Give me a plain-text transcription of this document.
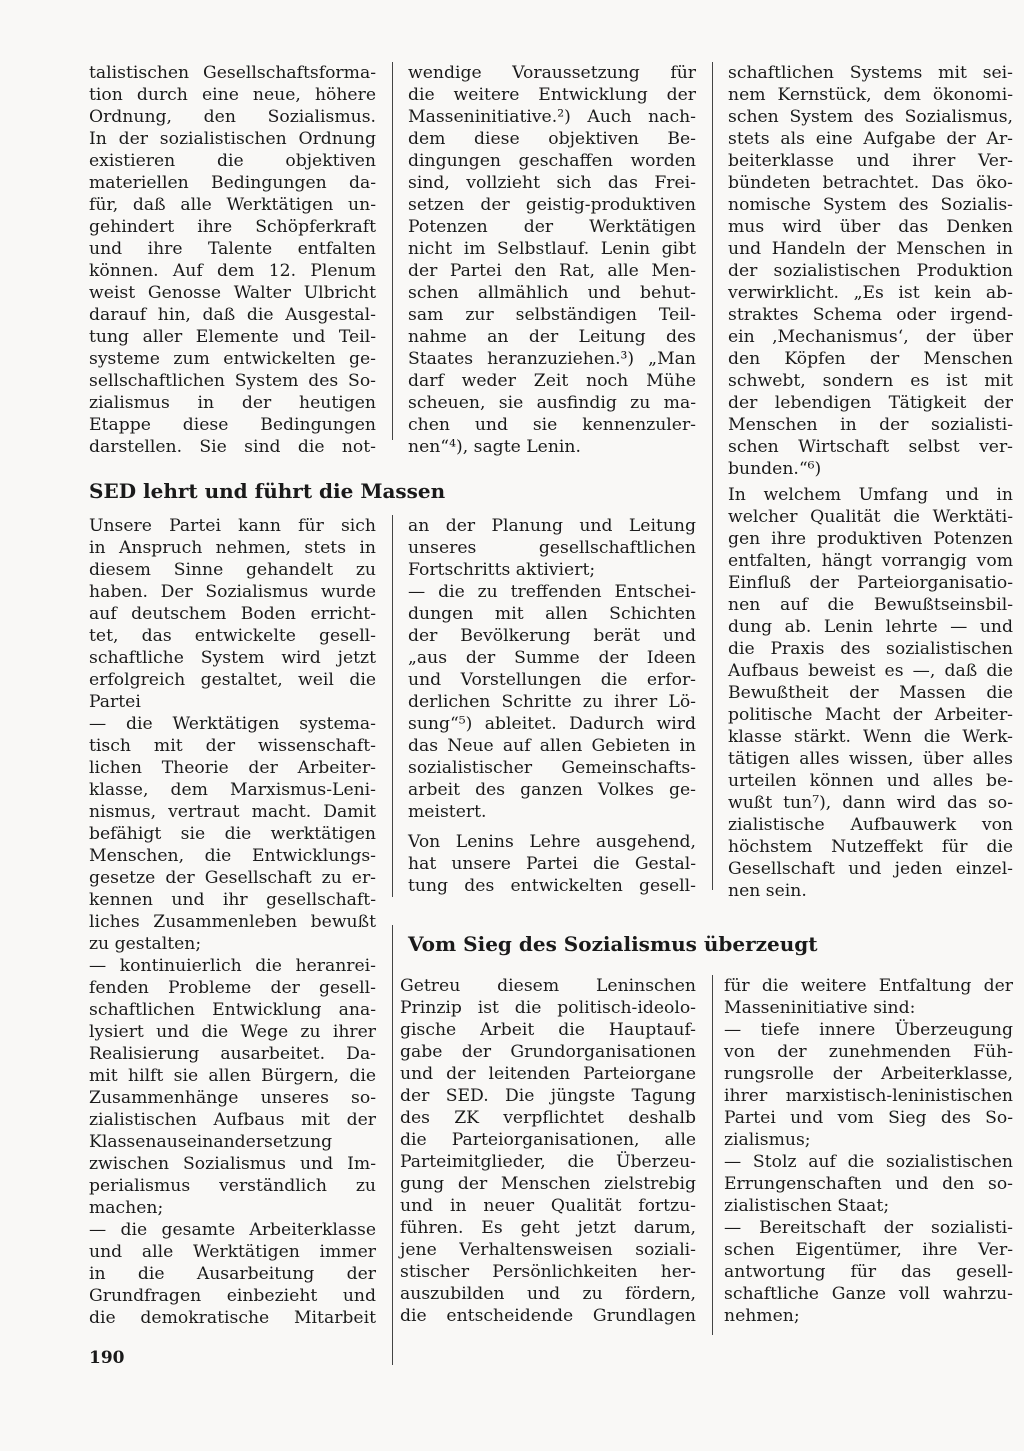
talistischen Gesellschaftsforma-
tion durch eine neue, höhere
Ordnung, den Sozialismus.
In der sozialistischen Ordnung
existieren die objektiven
materiellen Bedingungen da-
für, daß alle Werktätigen un-
gehindert ihre Schöpferkraft
und ihre Talente entfalten
können. Auf dem 12. Plenum
weist Genosse Walter Ulbricht
darauf hin, daß die Ausgestal-
tung aller Elemente und Teil-
systeme zum entwickelten ge-
sellschaftlichen System des So-
zialismus in der heutigen
Etappe diese Bedingungen
darstellen. Sie sind die not-
wendige Voraussetzung für
die weitere Entwicklung der
Masseninitiative.²) Auch nach-
dem diese objektiven Be-
dingungen geschaffen worden
sind, vollzieht sich das Frei-
setzen der geistig-produktiven
Potenzen der Werktätigen
nicht im Selbstlauf. Lenin gibt
der Partei den Rat, alle Men-
schen allmählich und behut-
sam zur selbständigen Teil-
nahme an der Leitung des
Staates heranzuziehen.³) „Man
darf weder Zeit noch Mühe
scheuen, sie ausfindig zu ma-
chen und sie kennenzuler-
nen“⁴), sagte Lenin.
schaftlichen Systems mit sei-
nem Kernstück, dem ökonomi-
schen System des Sozialismus,
stets als eine Aufgabe der Ar-
beiterklasse und ihrer Ver-
bündeten betrachtet. Das öko-
nomische System des Sozialis-
mus wird über das Denken
und Handeln der Menschen in
der sozialistischen Produktion
verwirklicht. „Es ist kein ab-
straktes Schema oder irgend-
ein ‚Mechanismus‘, der über
den Köpfen der Menschen
schwebt, sondern es ist mit
der lebendigen Tätigkeit der
Menschen in der sozialisti-
schen Wirtschaft selbst ver-
bunden.“⁶)
In welchem Umfang und in
welcher Qualität die Werktäti-
gen ihre produktiven Potenzen
entfalten, hängt vorrangig vom
Einfluß der Parteiorganisatio-
nen auf die Bewußtseinsbil-
dung ab. Lenin lehrte — und
die Praxis des sozialistischen
Aufbaus beweist es —, daß die
Bewußtheit der Massen die
politische Macht der Arbeiter-
klasse stärkt. Wenn die Werk-
tätigen alles wissen, über alles
urteilen können und alles be-
wußt tun⁷), dann wird das so-
zialistische Aufbauwerk von
höchstem Nutzeffekt für die
Gesellschaft und jeden einzel-
nen sein.
SED lehrt und führt die Massen
Unsere Partei kann für sich
in Anspruch nehmen, stets in
diesem Sinne gehandelt zu
haben. Der Sozialismus wurde
auf deutschem Boden erricht-
tet, das entwickelte gesell-
schaftliche System wird jetzt
erfolgreich gestaltet, weil die
Partei
— die Werktätigen systema-
tisch mit der wissenschaft-
lichen Theorie der Arbeiter-
klasse, dem Marxismus-Leni-
nismus, vertraut macht. Damit
befähigt sie die werktätigen
Menschen, die Entwicklungs-
gesetze der Gesellschaft zu er-
kennen und ihr gesellschaft-
liches Zusammenleben bewußt
zu gestalten;
— kontinuierlich die heranrei-
fenden Probleme der gesell-
schaftlichen Entwicklung ana-
lysiert und die Wege zu ihrer
Realisierung ausarbeitet. Da-
mit hilft sie allen Bürgern, die
Zusammenhänge unseres so-
zialistischen Aufbaus mit der
Klassenauseinandersetzung
zwischen Sozialismus und Im-
perialismus verständlich zu
machen;
— die gesamte Arbeiterklasse
und alle Werktätigen immer
in die Ausarbeitung der
Grundfragen einbezieht und
die demokratische Mitarbeit
an der Planung und Leitung
unseres gesellschaftlichen
Fortschritts aktiviert;
— die zu treffenden Entschei-
dungen mit allen Schichten
der Bevölkerung berät und
„aus der Summe der Ideen
und Vorstellungen die erfor-
derlichen Schritte zu ihrer Lö-
sung“⁵) ableitet. Dadurch wird
das Neue auf allen Gebieten in
sozialistischer Gemeinschafts-
arbeit des ganzen Volkes ge-
meistert.
Von Lenins Lehre ausgehend,
hat unsere Partei die Gestal-
tung des entwickelten gesell-
Vom Sieg des Sozialismus überzeugt
Getreu diesem Leninschen
Prinzip ist die politisch-ideolo-
gische Arbeit die Hauptauf-
gabe der Grundorganisationen
und der leitenden Parteiorgane
der SED. Die jüngste Tagung
des ZK verpflichtet deshalb
die Parteiorganisationen, alle
Parteimitglieder, die Überzeu-
gung der Menschen zielstrebig
und in neuer Qualität fortzu-
führen. Es geht jetzt darum,
jene Verhaltensweisen soziali-
stischer Persönlichkeiten her-
auszubilden und zu fördern,
die entscheidende Grundlagen
für die weitere Entfaltung der
Masseninitiative sind:
— tiefe innere Überzeugung
von der zunehmenden Füh-
rungsrolle der Arbeiterklasse,
ihrer marxistisch-leninistischen
Partei und vom Sieg des So-
zialismus;
— Stolz auf die sozialistischen
Errungenschaften und den so-
zialistischen Staat;
— Bereitschaft der sozialisti-
schen Eigentümer, ihre Ver-
antwortung für das gesell-
schaftliche Ganze voll wahrzu-
nehmen;
190
